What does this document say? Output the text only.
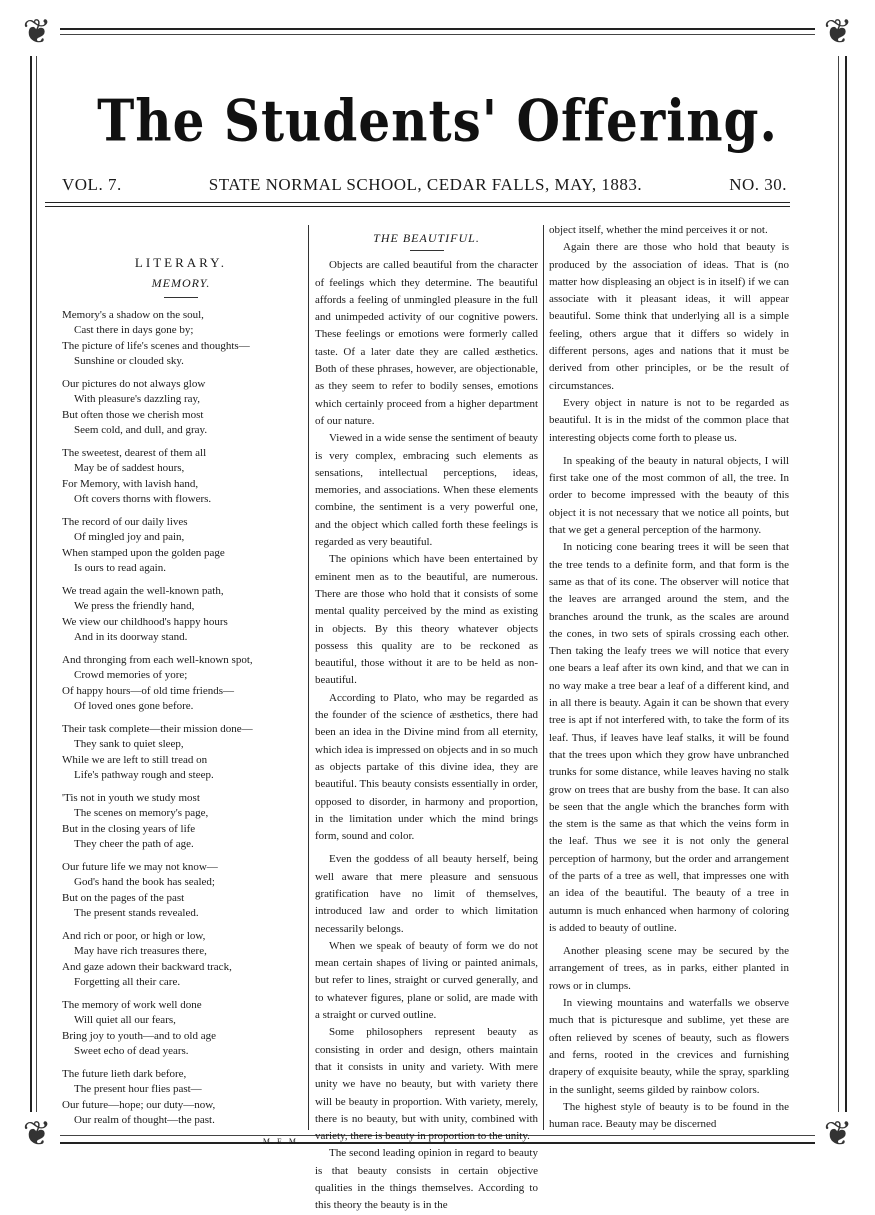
❦	❦
❦	❦
The Students' Offering.
VOL. 7.	STATE NORMAL SCHOOL, CEDAR FALLS, MAY, 1883.	NO. 30.
LITERARY.
MEMORY.
Memory's a shadow on the soul,
Cast there in days gone by;
The picture of life's scenes and thoughts—
Sunshine or clouded sky.
Our pictures do not always glow
With pleasure's dazzling ray,
But often those we cherish most
Seem cold, and dull, and gray.
The sweetest, dearest of them all
May be of saddest hours,
For Memory, with lavish hand,
Oft covers thorns with flowers.
The record of our daily lives
Of mingled joy and pain,
When stamped upon the golden page
Is ours to read again.
We tread again the well-known path,
We press the friendly hand,
We view our childhood's happy hours
And in its doorway stand.
And thronging from each well-known spot,
Crowd memories of yore;
Of happy hours—of old time friends—
Of loved ones gone before.
Their task complete—their mission done—
They sank to quiet sleep,
While we are left to still tread on
Life's pathway rough and steep.
'Tis not in youth we study most
The scenes on memory's page,
But in the closing years of life
They cheer the path of age.
Our future life we may not know—
God's hand the book has sealed;
But on the pages of the past
The present stands revealed.
And rich or poor, or high or low,
May have rich treasures there,
And gaze adown their backward track,
Forgetting all their care.
The memory of work well done
Will quiet all our fears,
Bring joy to youth—and to old age
Sweet echo of dead years.
The future lieth dark before,
The present hour flies past—
Our future—hope; our duty—now,
Our realm of thought—the past.
M. E. M.
THE BEAUTIFUL.

Objects are called beautiful from the character of feelings which they determine. The beautiful affords a feeling of unmingled pleasure in the full and unimpeded activity of our cognitive powers. These feelings or emotions were formerly called taste. Of a later date they are called æsthetics. Both of these phrases, however, are objectionable, as they seem to refer to bodily senses, emotions which certainly proceed from a higher department of our nature.

Viewed in a wide sense the sentiment of beauty is very complex, embracing such elements as sensations, intellectual perceptions, ideas, memories, and associations. When these elements combine, the sentiment is a very powerful one, and the object which called forth these feelings is regarded as very beautiful.

The opinions which have been entertained by eminent men as to the beautiful, are numerous. There are those who hold that it consists of some mental quality perceived by the mind as existing in objects. By this theory whatever objects possess this quality are to be reckoned as beautiful, those without it are to be held as non-beautiful.

According to Plato, who may be regarded as the founder of the science of æsthetics, there had been an idea in the Divine mind from all eternity, which idea is impressed on objects and in so much as objects partake of this divine idea, they are beautiful. This beauty consists essentially in order, opposed to disorder, in harmony and proportion, in the limitation under which the mind brings form, sound and color.

Even the goddess of all beauty herself, being well aware that mere pleasure and sensuous gratification have no limit of themselves, introduced law and order to which limitation necessarily belongs.

When we speak of beauty of form we do not mean certain shapes of living or painted animals, but refer to lines, straight or curved generally, and to whatever figures, plane or solid, are made with a straight or curved outline.

Some philosophers represent beauty as consisting in order and design, others maintain that it consists in unity and variety. With mere unity we have no beauty, but with variety there will be beauty in proportion. With variety, merely, there is no beauty, but with unity, combined with variety, there is beauty in proportion to the unity.

The second leading opinion in regard to beauty is that beauty consists in certain objective qualities in the things themselves. According to this theory the beauty is in the

object itself, whether the mind perceives it or not.

Again there are those who hold that beauty is produced by the association of ideas. That is (no matter how displeasing an object is in itself) if we can associate with it pleasant ideas, it will appear beautiful. Some think that underlying all is a simple feeling, others argue that it differs so widely in different persons, ages and nations that it must be derived from other principles, or be the result of circumstances.

Every object in nature is not to be regarded as beautiful. It is in the midst of the common place that interesting objects come forth to please us.

In speaking of the beauty in natural objects, I will first take one of the most common of all, the tree. In order to become impressed with the beauty of this object it is not necessary that we notice all points, but that we get a general perception of the harmony.

In noticing cone bearing trees it will be seen that the tree tends to a definite form, and that form is the same as that of its cone. The observer will notice that the leaves are arranged around the stem, and the branches around the trunk, as the scales are around the cones, in two sets of spirals crossing each other. Then taking the leafy trees we will notice that every one bears a leaf after its own kind, and that we can in no way make a tree bear a leaf of a different kind, and in all there is beauty. Again it can be shown that every tree is apt if not interfered with, to take the form of its leaf. Thus, if leaves have leaf stalks, it will be found that the trees upon which they grow have unbranched trunks for some distance, while leaves having no stalk grow on trees that are bushy from the base. It can also be seen that the angle which the branches form with the stem is the same as that which the veins form in the leaf. Thus we see it is not only the general perception of harmony, but the order and arrangement of the parts of a tree as well, that impresses one with an idea of the beautiful. The beauty of a tree in autumn is much enhanced when harmony of coloring is added to beauty of outline.

Another pleasing scene may be secured by the arrangement of trees, as in parks, either planted in rows or in clumps.

In viewing mountains and waterfalls we observe much that is picturesque and sublime, yet these are often relieved by scenes of beauty, such as flowers and ferns, rooted in the crevices and furnishing drapery of exquisite beauty, while the spray, sparkling in the sunlight, seems gilded by rainbow colors.

The highest style of beauty is to be found in the human race. Beauty may be discerned
